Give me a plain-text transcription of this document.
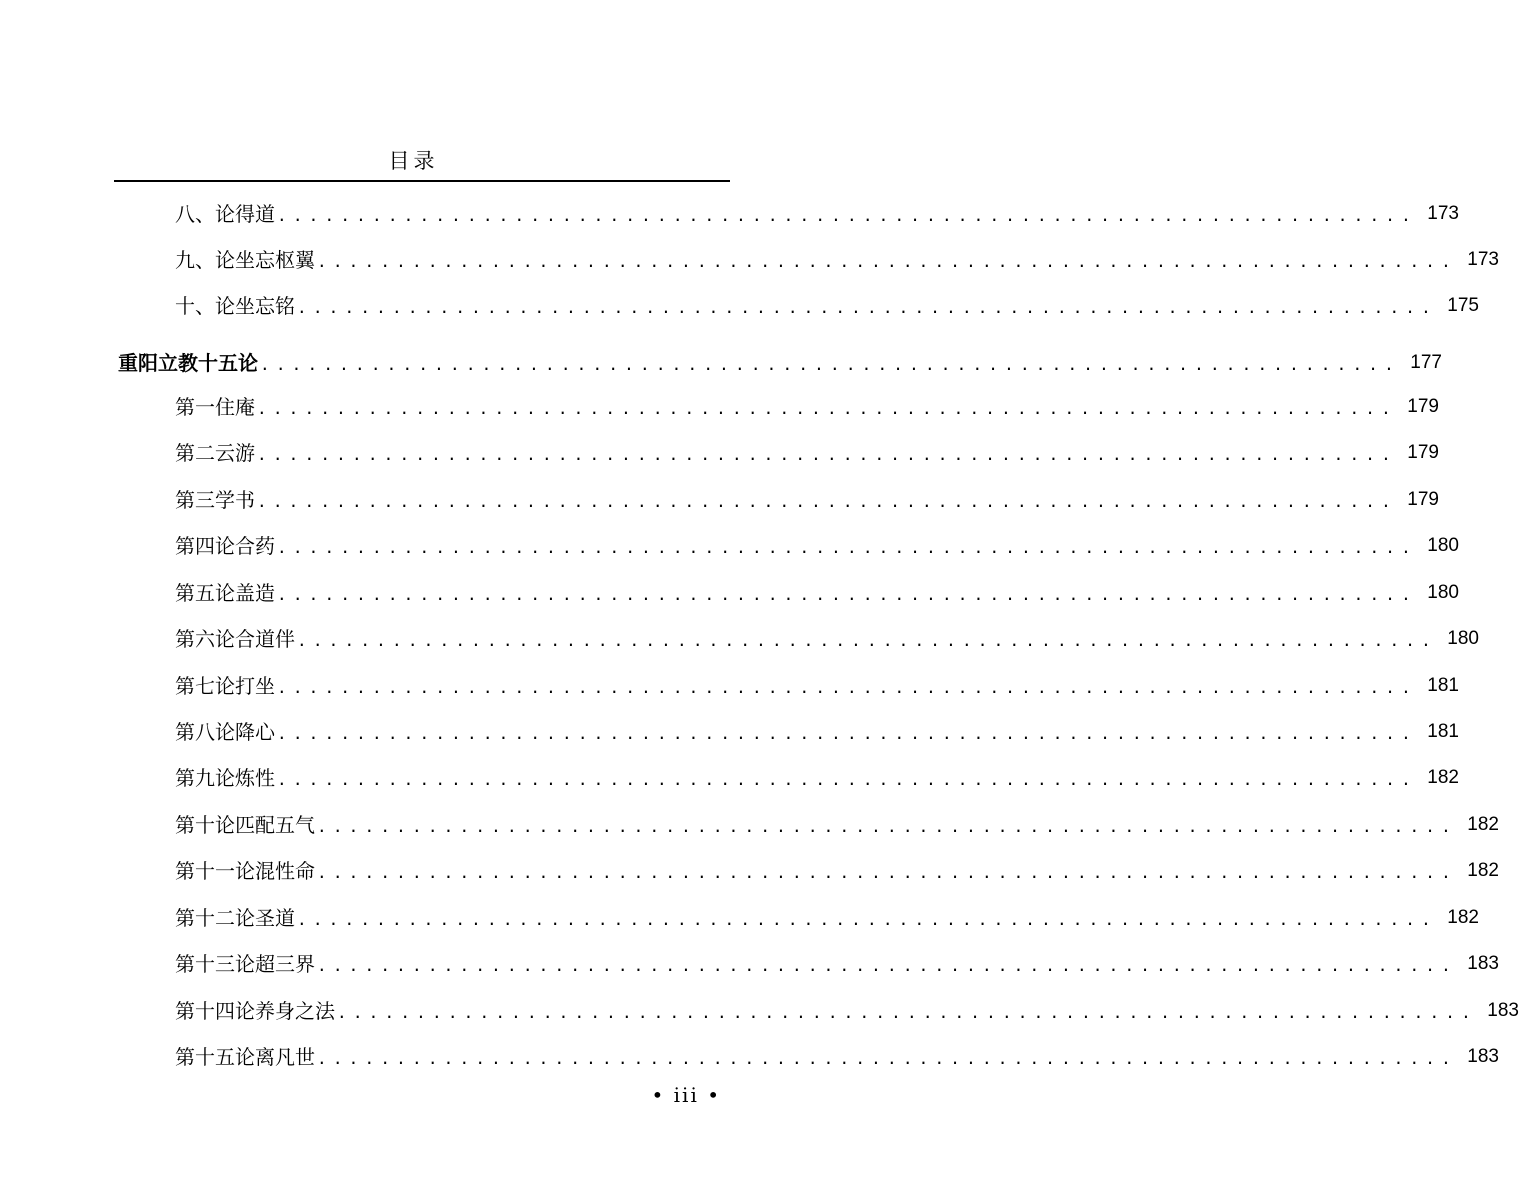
目录
八、论得道 ........................................................................ 173
九、论坐忘枢翼 ........................................................................ 173
十、论坐忘铭 ........................................................................ 175
重阳立教十五论 ........................................................................ 177
第一住庵 ........................................................................ 179
第二云游 ........................................................................ 179
第三学书 ........................................................................ 179
第四论合药 ........................................................................ 180
第五论盖造 ........................................................................ 180
第六论合道伴 ........................................................................ 180
第七论打坐 ........................................................................ 181
第八论降心 ........................................................................ 181
第九论炼性 ........................................................................ 182
第十论匹配五气 ........................................................................ 182
第十一论混性命 ........................................................................ 182
第十二论圣道 ........................................................................ 182
第十三论超三界 ........................................................................ 183
第十四论养身之法 ........................................................................ 183
第十五论离凡世 ........................................................................ 183
• iii •
